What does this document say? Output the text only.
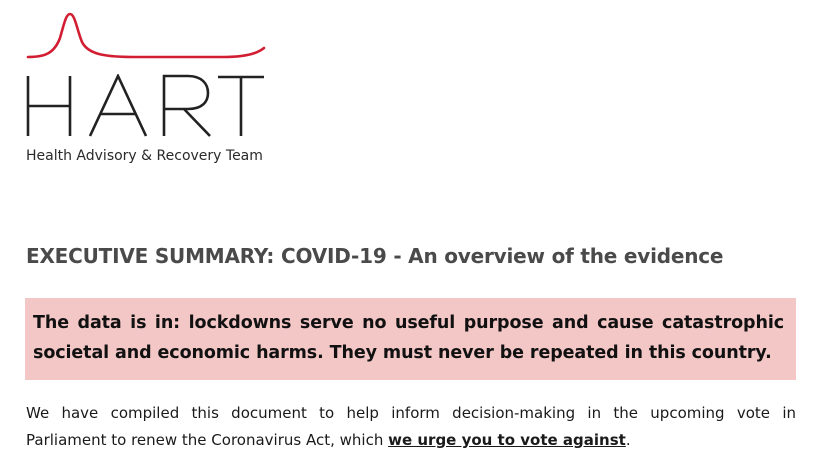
Health Advisory & Recovery Team
EXECUTIVE SUMMARY: COVID-19 - An overview of the evidence

The data is in: lockdowns serve no useful purpose and cause catastrophic
societal and economic harms. They must never be repeated in this country.

We have compiled this document to help inform decision-making in the upcoming vote in
Parliament to renew the Coronavirus Act, which we urge you to vote against.
